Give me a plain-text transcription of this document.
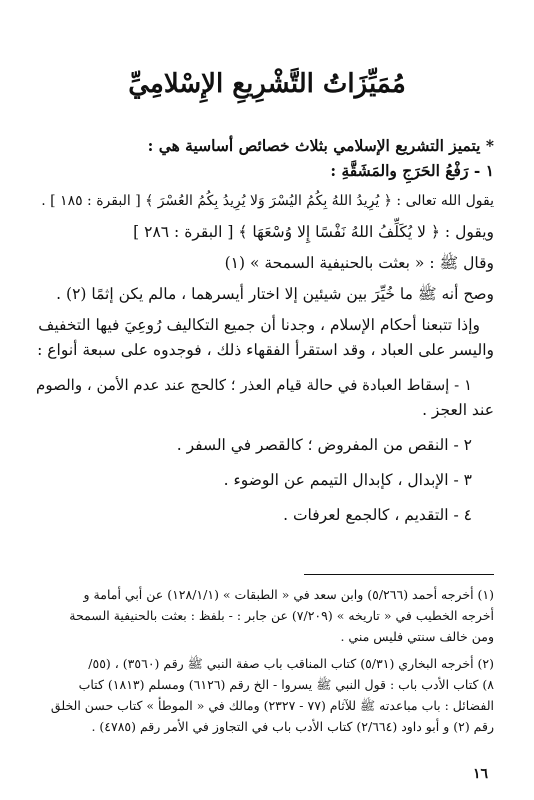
مُمَيِّزَاتُ التَّشْرِيعِ الإِسْلامِيِّ
* يتميز التشريع الإسلامي بثلاث خصائص أساسية هي :
١ - رَفْعُ الحَرَجِ والمَشَقَّةِ :
يقول الله تعالى : ﴿ يُرِيدُ اللهُ بِكُمُ اليُسْرَ وَلا يُرِيدُ بِكُمُ العُسْرَ ﴾ [ البقرة : ١٨٥ ] .
ويقول : ﴿ لا يُكَلِّفُ اللهُ نَفْسًا إِلا وُسْعَهَا ﴾ [ البقرة : ٢٨٦ ]
وقال ﷺ : « بعثت بالحنيفية السمحة » (١)
وصح أنه ﷺ ما خُيِّرَ بين شيئين إلا اختار أيسرهما ، مالم يكن إثمًا (٢) .
وإذا تتبعنا أحكام الإسلام ، وجدنا أن جميع التكاليف رُوعِيَ فيها التخفيف
واليسر على العباد ، وقد استقرأ الفقهاء ذلك ، فوجدوه على سبعة أنواع :
١ - إسقاط العبادة في حالة قيام العذر ؛ كالحج عند عدم الأمن ، والصوم
عند العجز .
٢ - النقص من المفروض ؛ كالقصر في السفر .
٣ - الإبدال ، كإبدال التيمم عن الوضوء .
٤ - التقديم ، كالجمع لعرفات .
(١) أخرجه أحمد (٥/٢٦٦) وابن سعد في « الطبقات » (١٢٨/١/١) عن أبي أمامة و
أخرجه الخطيب في « تاريخه » (٧/٢٠٩) عن جابر : - بلفظ : بعثت بالحنيفية السمحة
ومن خالف سنتي فليس مني .
(٢) أخرجه البخاري (٥/٣١) كتاب المناقب باب صفة النبي ﷺ رقم (٣٥٦٠) ، (٥٥/
٨) كتاب الأدب باب : قول النبي ﷺ يسروا - الخ رقم (٦١٢٦) ومسلم (١٨١٣) كتاب
الفضائل : باب مباعدته ﷺ للآثام (٧٧ - ٢٣٢٧) ومالك في « الموطأ » كتاب حسن الخلق
رقم (٢) و أبو داود (٢/٦٦٤) كتاب الأدب باب في التجاوز في الأمر رقم (٤٧٨٥) .
١٦
